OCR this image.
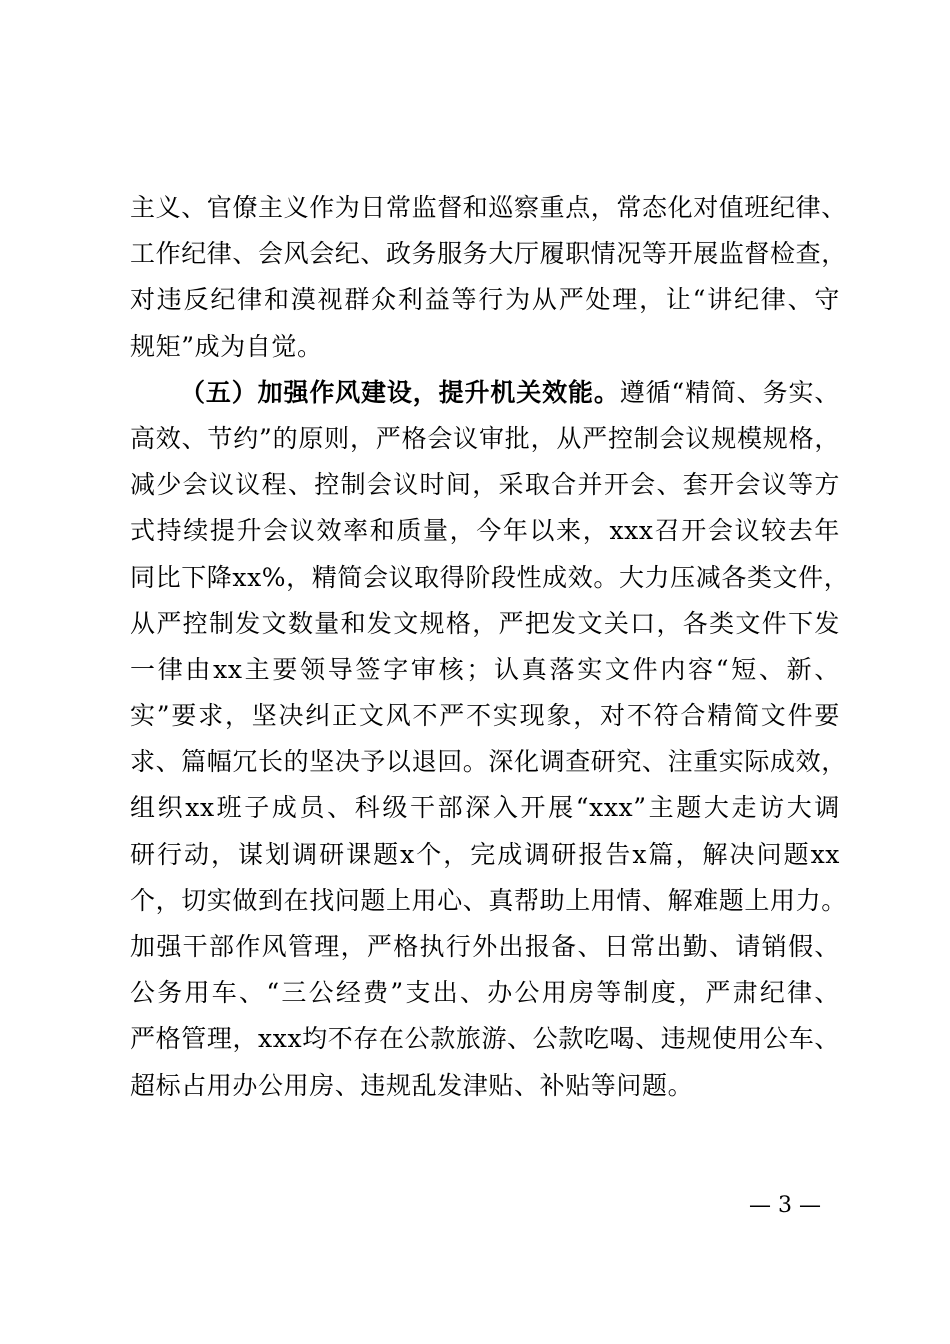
主义、官僚主义作为日常监督和巡察重点，常态化对值班纪律、
工作纪律、会风会纪、政务服务大厅履职情况等开展监督检查，
对违反纪律和漠视群众利益等行为从严处理，让“讲纪律、守
规矩”成为自觉。
（五）加强作风建设，提升机关效能。遵循“精简、务实、
高效、节约”的原则，严格会议审批，从严控制会议规模规格，
减少会议议程、控制会议时间，采取合并开会、套开会议等方
式持续提升会议效率和质量，今年以来，xxx召开会议较去年
同比下降xx%，精简会议取得阶段性成效。大力压减各类文件，
从严控制发文数量和发文规格，严把发文关口，各类文件下发
一律由xx主要领导签字审核；认真落实文件内容“短、新、
实”要求，坚决纠正文风不严不实现象，对不符合精简文件要
求、篇幅冗长的坚决予以退回。深化调查研究、注重实际成效，
组织xx班子成员、科级干部深入开展“xxx”主题大走访大调
研行动，谋划调研课题x个，完成调研报告x篇，解决问题xx
个，切实做到在找问题上用心、真帮助上用情、解难题上用力。
加强干部作风管理，严格执行外出报备、日常出勤、请销假、
公务用车、“三公经费”支出、办公用房等制度，严肃纪律、
严格管理，xxx均不存在公款旅游、公款吃喝、违规使用公车、
超标占用办公用房、违规乱发津贴、补贴等问题。
— 3 —
